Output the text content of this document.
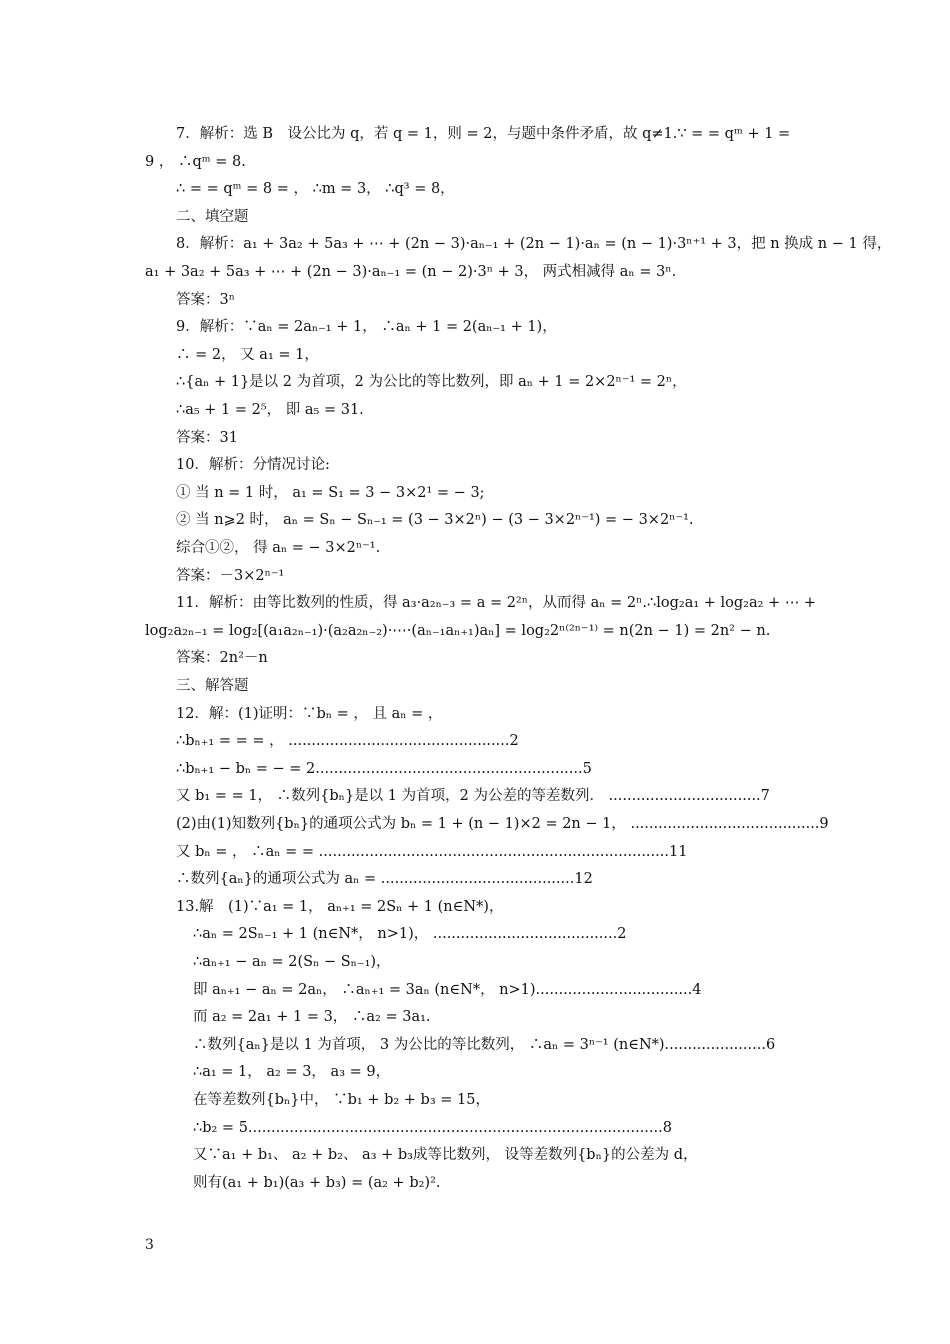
7．解析：选 B　设公比为 q，若 q = 1，则 = 2，与题中条件矛盾，故 q≠1.∵ = = qᵐ + 1 =
9 ， ∴qᵐ = 8.
∴ = = qᵐ = 8 = ， ∴m = 3， ∴q³ = 8，
二、填空题
8．解析：a₁ + 3a₂ + 5a₃ + ⋯ + (2n − 3)·aₙ₋₁ + (2n − 1)·aₙ = (n − 1)·3ⁿ⁺¹ + 3，把 n 换成 n − 1 得，
a₁ + 3a₂ + 5a₃ + ⋯ + (2n − 3)·aₙ₋₁ = (n − 2)·3ⁿ + 3， 两式相减得 aₙ = 3ⁿ.
答案：3ⁿ
9．解析：∵aₙ = 2aₙ₋₁ + 1， ∴aₙ + 1 = 2(aₙ₋₁ + 1)，
∴ = 2， 又 a₁ = 1，
∴{aₙ + 1}是以 2 为首项，2 为公比的等比数列，即 aₙ + 1 = 2×2ⁿ⁻¹ = 2ⁿ，
∴a₅ + 1 = 2⁵， 即 a₅ = 31.
答案：31
10．解析：分情况讨论:
① 当 n = 1 时， a₁ = S₁ = 3 − 3×2¹ = − 3;
② 当 n⩾2 时， aₙ = Sₙ − Sₙ₋₁ = (3 − 3×2ⁿ) − (3 − 3×2ⁿ⁻¹) = − 3×2ⁿ⁻¹.
综合①②， 得 aₙ = − 3×2ⁿ⁻¹.
答案：－3×2ⁿ⁻¹
11．解析：由等比数列的性质，得 a₃·a₂ₙ₋₃ = a = 2²ⁿ，从而得 aₙ = 2ⁿ.∴log₂a₁ + log₂a₂ + ⋯ +
log₂a₂ₙ₋₁ = log₂[(a₁a₂ₙ₋₁)·(a₂a₂ₙ₋₂)·⋯·(aₙ₋₁aₙ₊₁)aₙ] = log₂2ⁿ⁽²ⁿ⁻¹⁾ = n(2n − 1) = 2n² − n.
答案：2n²－n
三、解答题
12．解：(1)证明：∵bₙ = ， 且 aₙ = ，
∴bₙ₊₁ = = = ， ................................................2
∴bₙ₊₁ − bₙ = − = 2..........................................................5
又 b₁ = = 1， ∴数列{bₙ}是以 1 为首项，2 为公差的等差数列． .................................7
(2)由(1)知数列{bₙ}的通项公式为 bₙ = 1 + (n − 1)×2 = 2n − 1， .........................................9
又 bₙ = ， ∴aₙ = = ............................................................................11
∴数列{aₙ}的通项公式为 aₙ = ..........................................12
13.解　(1)∵a₁ = 1， aₙ₊₁ = 2Sₙ + 1 (n∈N*)，
∴aₙ = 2Sₙ₋₁ + 1 (n∈N*， n>1)， ........................................2
∴aₙ₊₁ − aₙ = 2(Sₙ − Sₙ₋₁)，
即 aₙ₊₁ − aₙ = 2aₙ， ∴aₙ₊₁ = 3aₙ (n∈N*， n>1)..................................4
而 a₂ = 2a₁ + 1 = 3， ∴a₂ = 3a₁.
∴数列{aₙ}是以 1 为首项， 3 为公比的等比数列， ∴aₙ = 3ⁿ⁻¹ (n∈N*)......................6
∴a₁ = 1， a₂ = 3， a₃ = 9，
在等差数列{bₙ}中， ∵b₁ + b₂ + b₃ = 15，
∴b₂ = 5..........................................................................................8
又∵a₁ + b₁、 a₂ + b₂、 a₃ + b₃成等比数列， 设等差数列{bₙ}的公差为 d，
则有(a₁ + b₁)(a₃ + b₃) = (a₂ + b₂)².
3
